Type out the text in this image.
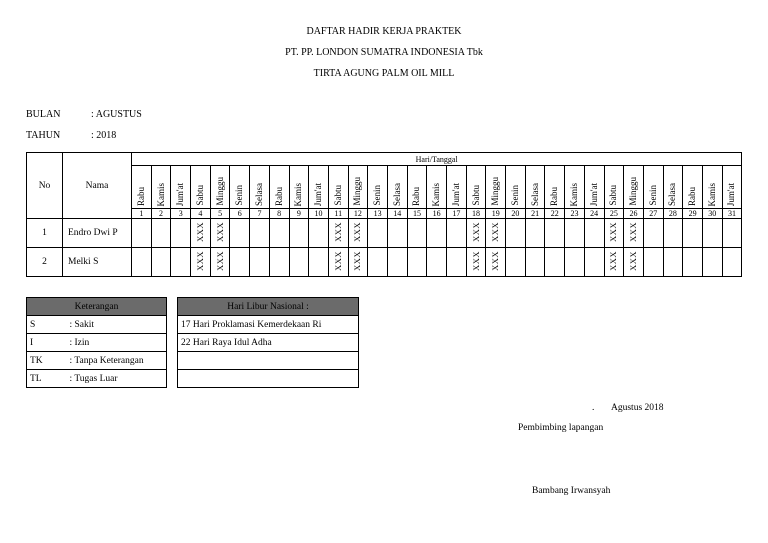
DAFTAR HADIR KERJA PRAKTEK
PT. PP. LONDON SUMATRA INDONESIA Tbk
TIRTA AGUNG PALM OIL MILL
BULAN	: AGUSTUS
TAHUN	: 2018
No	Nama	Hari/Tanggal																														
		Rabu	Kamis	Jum'at	Sabtu	Minggu	Senin	Selasa	Rabu	Kamis	Jum'at	Sabtu	Minggu	Senin	Selasa	Rabu	Kamis	Jum'at	Sabtu	Minggu	Senin	Selasa	Rabu	Kamis	Jum'at	Sabtu	Minggu	Senin	Selasa	Rabu	Kamis	Jum'at
		1	2	3	4	5	6	7	8	9	10	11	12	13	14	15	16	17	18	19	20	21	22	23	24	25	26	27	28	29	30	31
1	Endro Dwi P				XXX	XXX						XXX	XXX						XXX	XXX						XXX	XXX					
2	Melki S				XXX	XXX						XXX	XXX						XXX	XXX						XXX	XXX					
Keterangan	
S	: Sakit
I	: Izin
TK	: Tanpa Keterangan
TL	: Tugas Luar
Hari Libur Nasional :
17 Hari Proklamasi Kemerdekaan Ri
22 Hari Raya Idul Adha

. Agustus 2018
Pembimbing lapangan
Bambang Irwansyah
